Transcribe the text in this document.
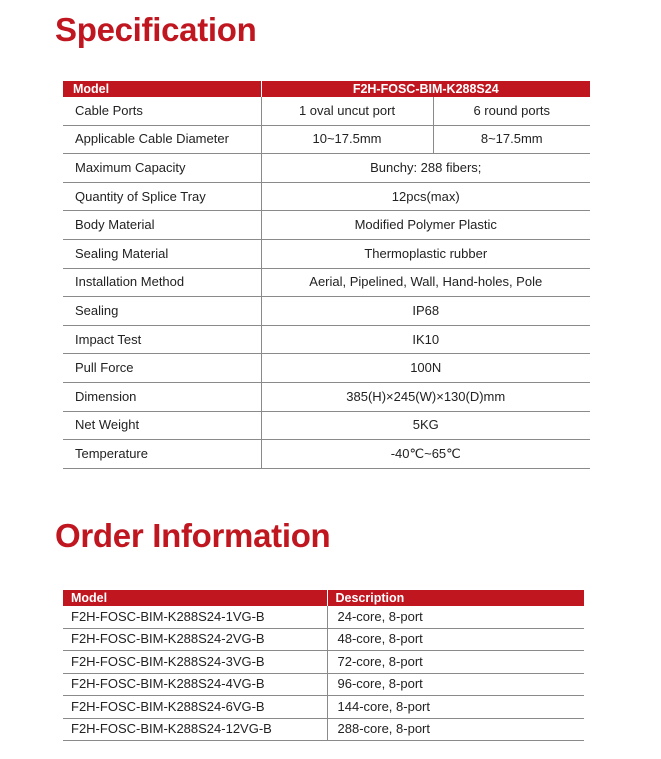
Specification
Model	F2H-FOSC-BIM-K288S24	
Cable Ports	1 oval uncut port	6 round ports
Applicable Cable Diameter	10~17.5mm	8~17.5mm
Maximum Capacity	Bunchy: 288 fibers;	
Quantity of Splice Tray	12pcs(max)	
Body Material	Modified Polymer Plastic	
Sealing Material	Thermoplastic rubber	
Installation Method	Aerial, Pipelined, Wall, Hand-holes, Pole	
Sealing	IP68	
Impact Test	IK10	
Pull Force	100N	
Dimension	385(H)×245(W)×130(D)mm	
Net Weight	5KG	
Temperature	-40℃~65℃	
Order Information
Model	Description
F2H-FOSC-BIM-K288S24-1VG-B	24-core, 8-port
F2H-FOSC-BIM-K288S24-2VG-B	48-core, 8-port
F2H-FOSC-BIM-K288S24-3VG-B	72-core, 8-port
F2H-FOSC-BIM-K288S24-4VG-B	96-core, 8-port
F2H-FOSC-BIM-K288S24-6VG-B	144-core, 8-port
F2H-FOSC-BIM-K288S24-12VG-B	288-core, 8-port
